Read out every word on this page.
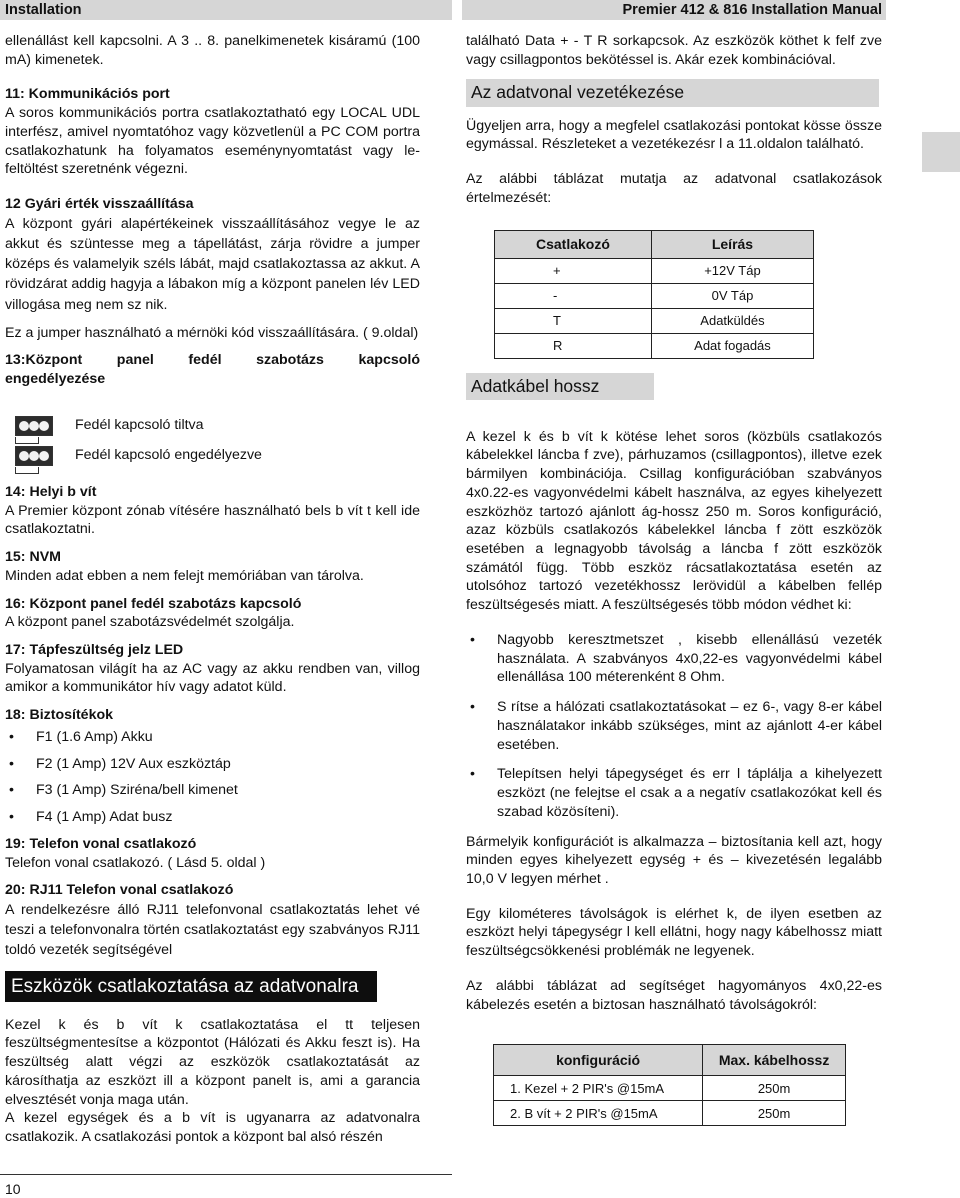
Installation	Premier 412 & 816 Installation Manual

ellenállást kell kapcsolni. A 3 .. 8. panelkimenetek kisáramú (100 mA) kimenetek.

11: Kommunikációs port

A soros kommunikációs portra csatlakoztatható egy LOCAL UDL interfész, amivel nyomtatóhoz vagy közvetlenül a PC COM portra csatlakozhatunk ha folyamatos eseménynyomtatást vagy le-feltöltést szeretnénk végezni.

12 Gyári érték visszaállítása

A központ gyári alapértékeinek visszaállításához vegye le az akkut és szüntesse meg a tápellátást, zárja rövidre a jumper középs és valamelyik széls lábát, majd csatlakoztassa az akkut. A rövidzárat addig hagyja a lábakon míg a központ panelen lév LED villogása meg nem sz nik.

Ez a jumper használható a mérnöki kód visszaállítására. ( 9.oldal)

13:Központ panel fedél szabotázs kapcsoló engedélyezése

Fedél kapcsoló tiltva
Fedél kapcsoló engedélyezve

14: Helyi b vít

A Premier központ zónab vítésére használható bels b vít t kell ide csatlakoztatni.

15: NVM

Minden adat ebben a nem felejt memóriában van tárolva.

16: Központ panel fedél szabotázs kapcsoló

A központ panel szabotázsvédelmét szolgálja.

17: Tápfeszültség jelz LED

Folyamatosan világít ha az AC vagy az akku rendben van, villog amikor a kommunikátor hív vagy adatot küld.

18: Biztosítékok

• F1 (1.6 Amp) Akku
• F2 (1 Amp) 12V Aux eszköztáp
• F3 (1 Amp) Sziréna/bell kimenet
• F4 (1 Amp) Adat busz

19: Telefon vonal csatlakozó

Telefon vonal csatlakozó. ( Lásd 5. oldal )

20: RJ11 Telefon vonal csatlakozó

A rendelkezésre álló RJ11 telefonvonal csatlakoztatás lehet vé teszi a telefonvonalra történ csatlakoztatást egy szabványos RJ11 toldó vezeték segítségével

Eszközök csatlakoztatása az adatvonalra

Kezel k és b vít k csatlakoztatása el tt teljesen feszültségmentesítse a központot (Hálózati és Akku feszt is). Ha feszültség alatt végzi az eszközök csatlakoztatását az károsíthatja az eszközt ill a központ panelt is, ami a garancia elvesztését vonja maga után.

A kezel egységek és a b vít is ugyanarra az adatvonalra csatlakozik. A csatlakozási pontok a központ bal alsó részén

található Data + - T R sorkapcsok. Az eszközök köthet k felf zve vagy csillagpontos bekötéssel is. Akár ezek kombinációval.

Az adatvonal vezetékezése

Ügyeljen arra, hogy a megfelel csatlakozási pontokat kösse össze egymással. Részleteket a vezetékezésr l a 11.oldalon található.

Az alábbi táblázat mutatja az adatvonal csatlakozások értelmezését:

Csatlakozó	Leírás
+	+12V Táp
-	0V Táp
T	Adatküldés
R	Adat fogadás
Adatkábel hossz

A kezel k és b vít k kötése lehet soros (közbüls csatlakozós kábelekkel láncba f zve), párhuzamos (csillagpontos), illetve ezek bármilyen kombinációja. Csillag konfigurációban szabványos 4x0.22-es vagyonvédelmi kábelt használva, az egyes kihelyezett eszközhöz tartozó ajánlott ág-hossz 250 m. Soros konfiguráció, azaz közbüls csatlakozós kábelekkel láncba f zött eszközök esetében a legnagyobb távolság a láncba f zött eszközök számától függ. Több eszköz rácsatlakoztatása esetén az utolsóhoz tartozó vezetékhossz lerövidül a kábelben fellép feszültségesés miatt. A feszültségesés több módon védhet ki:

• Nagyobb keresztmetszet , kisebb ellenállású vezeték használata. A szabványos 4x0,22-es vagyonvédelmi kábel ellenállása 100 méterenként 8 Ohm.
• S rítse a hálózati csatlakoztatásokat – ez 6-, vagy 8-er kábel használatakor inkább szükséges, mint az ajánlott 4-er kábel esetében.
• Telepítsen helyi tápegységet és err l táplálja a kihelyezett eszközt (ne felejtse el csak a a negatív csatlakozókat kell és szabad közösíteni).

Bármelyik konfigurációt is alkalmazza – biztosítania kell azt, hogy minden egyes kihelyezett egység + és – kivezetésén legalább 10,0 V legyen mérhet .

Egy kilométeres távolságok is elérhet k, de ilyen esetben az eszközt helyi tápegységr l kell ellátni, hogy nagy kábelhossz miatt feszültségcsökkenési problémák ne legyenek.

Az alábbi táblázat ad segítséget hagyományos 4x0,22-es kábelezés esetén a biztosan használható távolságokról:

konfiguráció	Max. kábelhossz
1. Kezel + 2 PIR's @15mA	250m
2. B vít + 2 PIR's @15mA	250m
10
